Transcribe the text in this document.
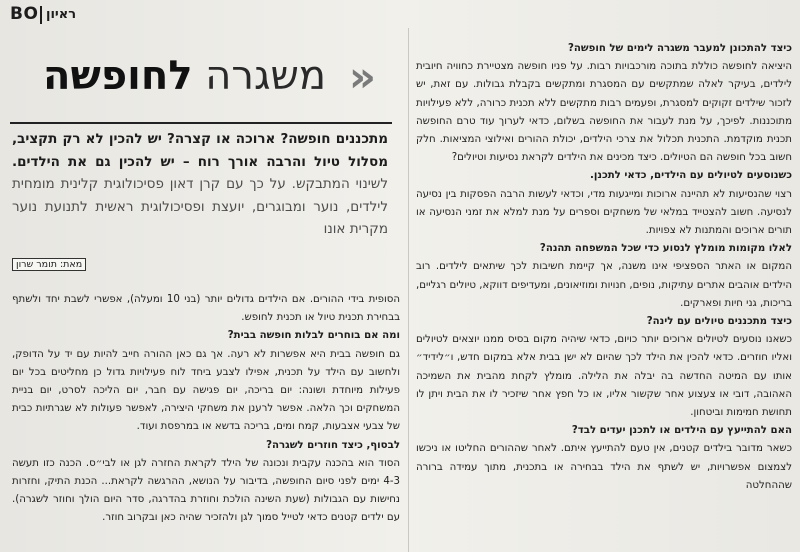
BO ראיון
«
משגרה לחופשה
מתכננים חופשה? ארוכה או קצרה? יש להכין לא רק תקציב, מסלול טיול והרבה אורך רוח – יש להכין גם את הילדים. לשינוי המתבקש. על כך עם קרן דאון פסיכולוגית קלינית מומחית לילדים, נוער ומבוגרים, יועצת ופסיכולוגית ראשית לתנועת נוער מקרית אונו
מאת: תומר שרון

הסופית בידי ההורים. אם הילדים גדולים יותר (בני 10 ומעלה), אפשרי לשבת יחד ולשתף בבחירת תכנית טיול או תכנית לחופש.

ומה אם בוחרים לבלות חופשה בבית?

גם חופשה בבית היא אפשרות לא רעה. אך גם כאן ההורה חייב להיות עם יד על הדופק, ולחשוב עם הילד על תכנית, אפילו לצבע ביחד לוח פעילויות גדול כן מחליטים בכל יום פעילות מיוחדת ושונה: יום בריכה, יום פגישה עם חבר, יום הליכה לסרט, יום בניית המשחקים וכך הלאה. אפשר לרענן את משחקי היצירה, לאפשר פעולות לא שגרתיות כבית של צבעי אצבעות, קמח ומים, בריכה בדשא או במרפסת ועוד.

לבסוף, כיצד חוזרים לשגרה?

הסוד הוא בהכנה עקבית ונכונה של הילד לקראת החזרה לגן או לבי״ס. הכנה כזו תעשה 4-3 ימים לפני סיום החופשה, בדיבור על הנושא, ההרגשה לקראת... הכנת התיק, וחזרות נחישות עם הגבולות (שעת השינה הולכת וחוזרת בהדרגה, סדר היום הולך וחוזר לשגרה). עם ילדים קטנים כדאי לטייל סמוך לגן ולהזכיר שהיה כאן ובקרוב חוזר.

כיצד להתכונן למעבר משגרה לימים של חופשה?

היציאה לחופשה כוללת בתוכה מורכבויות רבות. על פניו חופשה מצטיירת כחוויה חיובית לילדים, בעיקר לאלה שמתקשים עם המסגרת ומתקשים בקבלת גבולות. עם זאת, יש לזכור שילדים זקוקים למסגרת, ופעמים רבות מתקשים ללא תכנית כרורה, ללא פעילויות מתוכננות. לפיכך, על מנת לעבור את החופשה בשלום, כדאי לערוך עוד טרם החופשה תכנית מוקדמת. התכנית תכלול את צרכי הילדים, יכולת ההורים ואילוצי המציאות. חלק חשוב בכל חופשה הם הטיולים. כיצד מכינים את הילדים לקראת נסיעות וטיולים?

כשנוסעים לטיולים עם הילדים, כדאי לתכנן.

רצוי שהנסיעות לא תהיינה ארוכות ומייגעות מדי, וכדאי לעשות הרבה הפסקות בין נסיעה לנסיעה. חשוב להצטייד במלאי של משחקים וספרים על מנת למלא את זמני הנסיעה או תורים ארוכים והמתנות לא צפויות.

לאלו מקומות מומלץ לנסוע כדי שכל המשפחה תהנה?

המקום או האתר הספציפי אינו משנה, אך קיימת חשיבות לכך שיתאים לילדים. רוב הילדים אוהבים אתרים עתיקות, נופים, חנויות ומוזיאונים, ומעדיפים דווקא, טיולים רגליים, בריכות, גני חיות ופארקים.

כיצד מתכננים טיולים עם לינה?

כשאנו נוסעים לטיולים ארוכים יותר כויום, כדאי שיהיה מקום בסיס ממנו יוצאים לטיולים ואליו חוזרים. כדאי להכין את הילד לכך שהיום לא ישן בבית אלא במקום חדש, ו״לידיד״ אותו עם המיטה החדשה בה יבלה את הלילה. מומלץ לקחת מהבית את השמיכה האהובה, דובי או צעצוע אחר שקשור אליו, או כל חפץ אחר שיזכיר לו את הבית ויתן לו תחושת חמימות וביטחון.

האם להתייעץ עם הילדים או לתכנן יעדים לבד?

כשאר מדובר בילדים קטנים, אין טעם להתייעץ איתם. לאחר שההורים החליטו או ניכשו לצמצום אפשרויות, יש לשתף את הילד בבחירה או בתכנית, מתוך עמידה ברורה שההחלטה
